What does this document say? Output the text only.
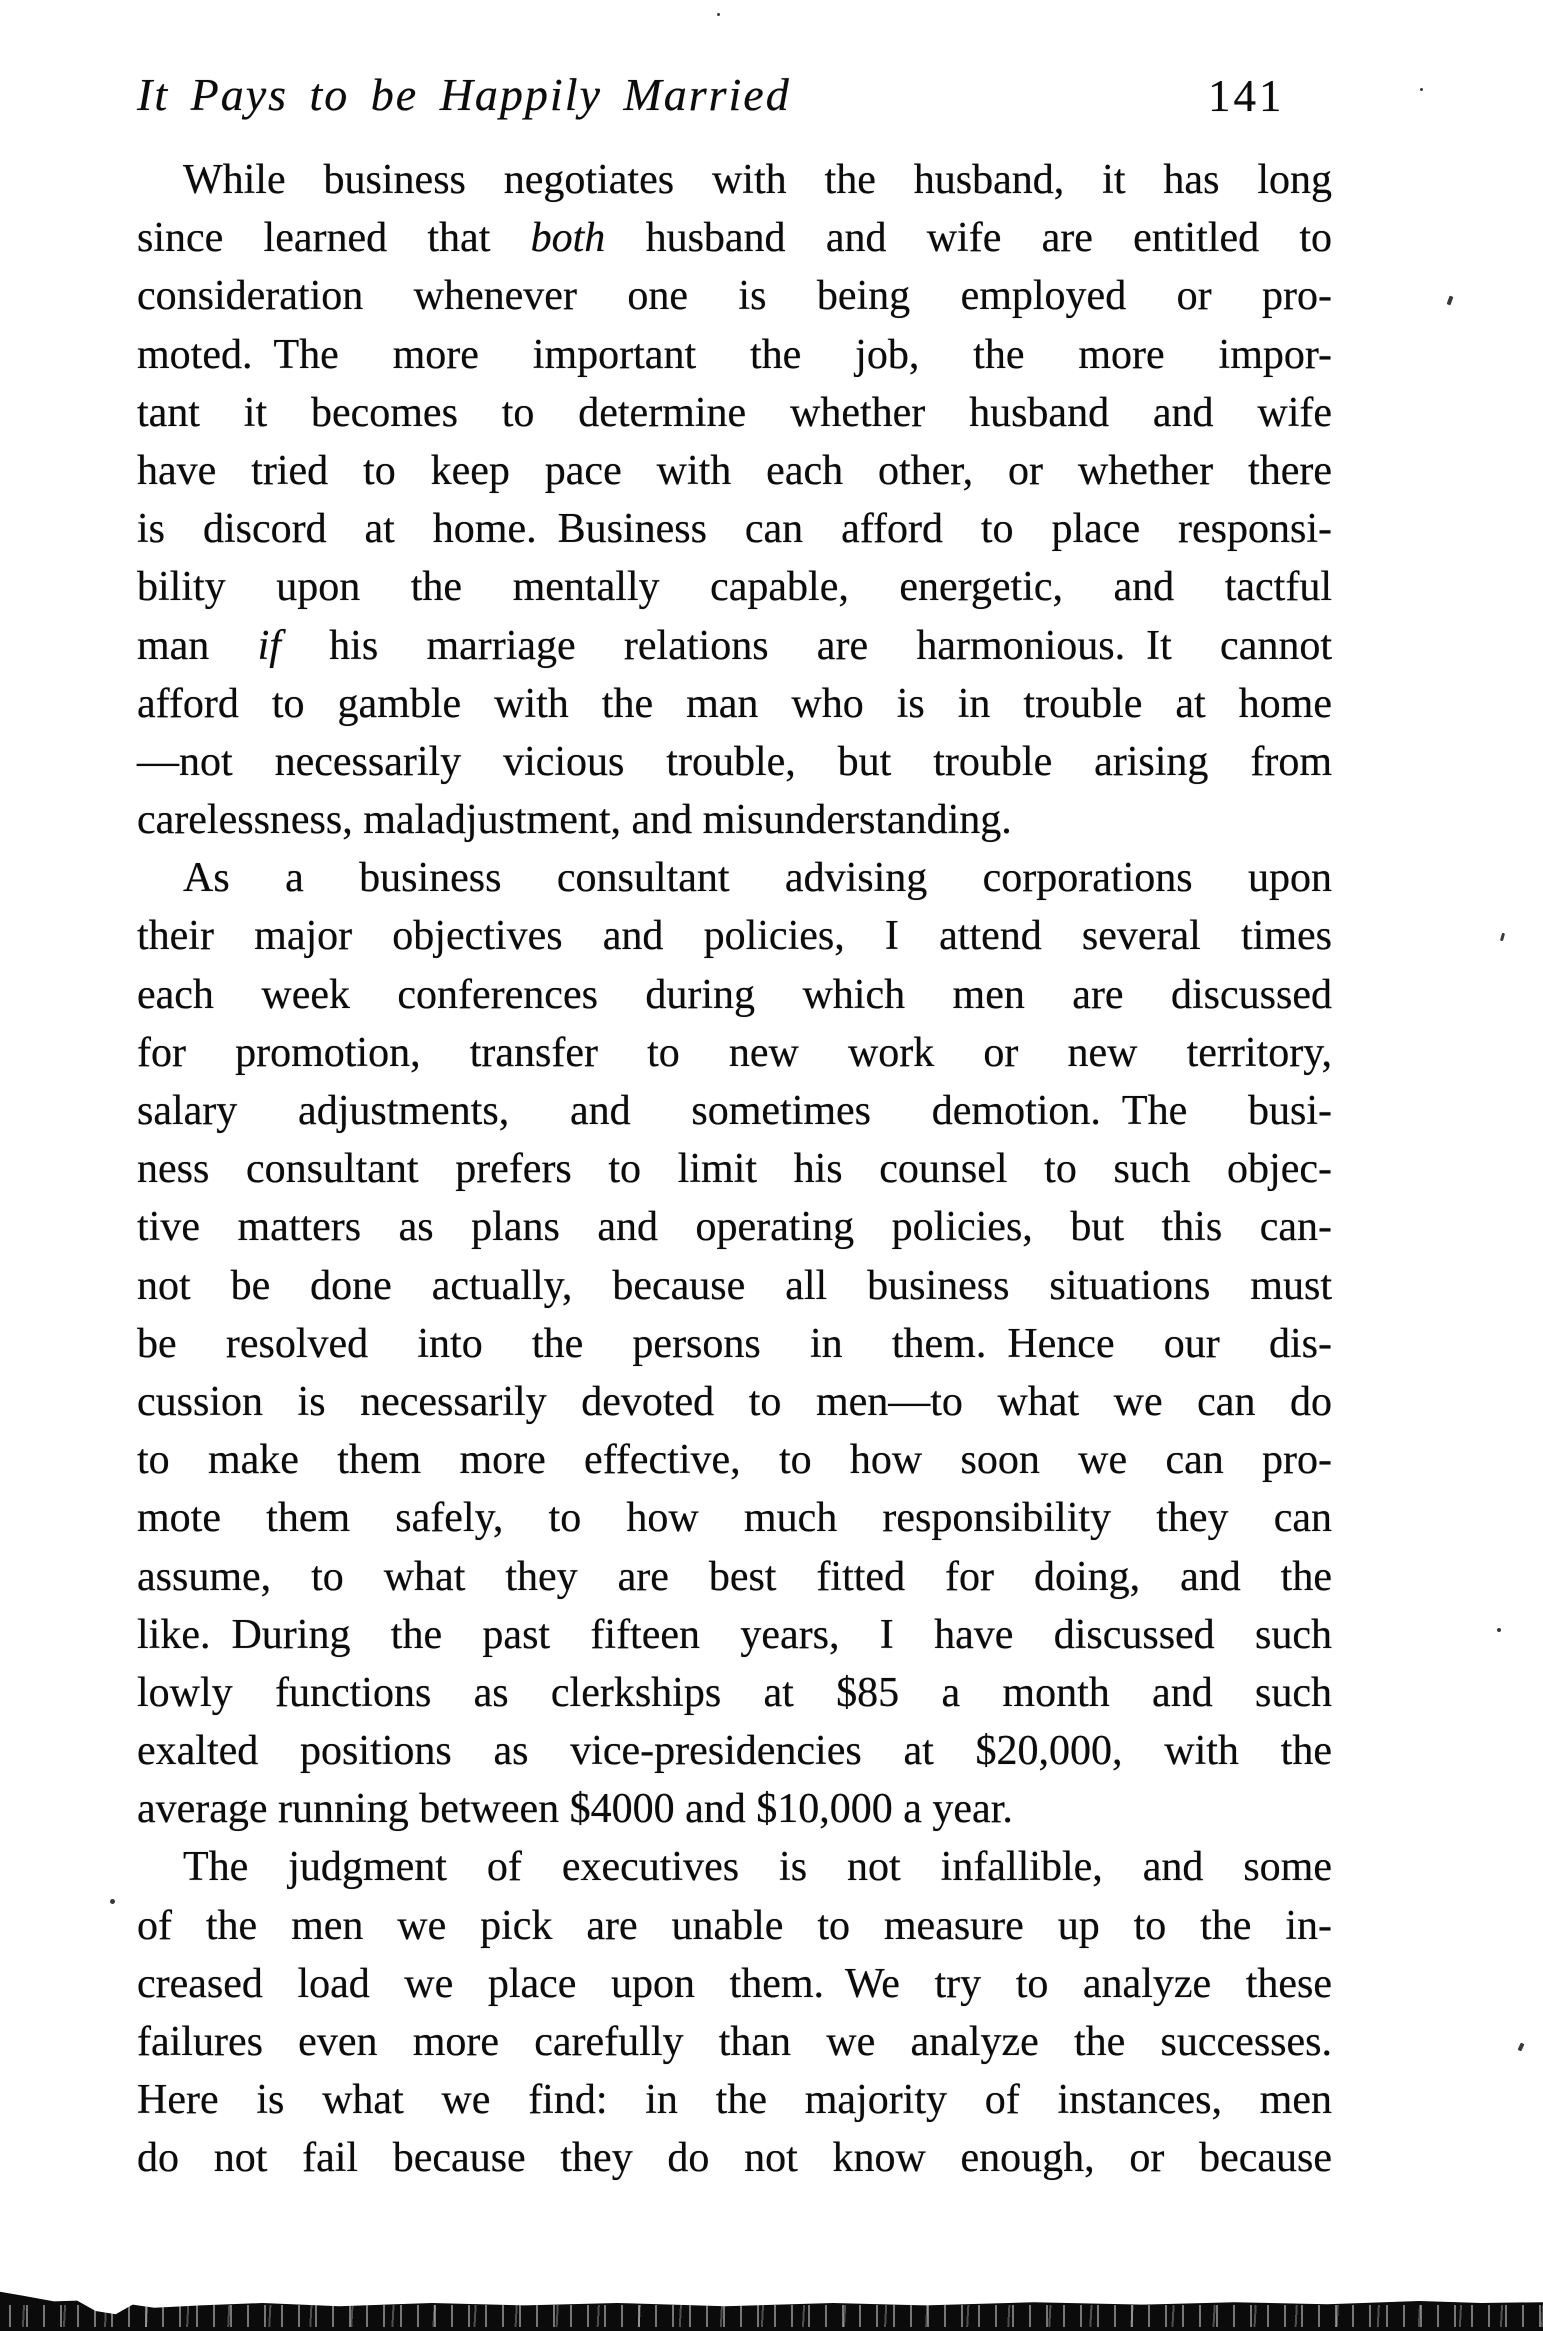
It Pays to be Happily Married	141
While business negotiates with the husband, it has long
since learned that both husband and wife are entitled to
consideration whenever one is being employed or pro-
moted. The more important the job, the more impor-
tant it becomes to determine whether husband and wife
have tried to keep pace with each other, or whether there
is discord at home. Business can afford to place responsi-
bility upon the mentally capable, energetic, and tactful
man if his marriage relations are harmonious. It cannot
afford to gamble with the man who is in trouble at home
—not necessarily vicious trouble, but trouble arising from
carelessness, maladjustment, and misunderstanding.
As a business consultant advising corporations upon
their major objectives and policies, I attend several times
each week conferences during which men are discussed
for promotion, transfer to new work or new territory,
salary adjustments, and sometimes demotion. The busi-
ness consultant prefers to limit his counsel to such objec-
tive matters as plans and operating policies, but this can-
not be done actually, because all business situations must
be resolved into the persons in them. Hence our dis-
cussion is necessarily devoted to men—to what we can do
to make them more effective, to how soon we can pro-
mote them safely, to how much responsibility they can
assume, to what they are best fitted for doing, and the
like. During the past fifteen years, I have discussed such
lowly functions as clerkships at $85 a month and such
exalted positions as vice-presidencies at $20,000, with the
average running between $4000 and $10,000 a year.
The judgment of executives is not infallible, and some
of the men we pick are unable to measure up to the in-
creased load we place upon them. We try to analyze these
failures even more carefully than we analyze the successes.
Here is what we find: in the majority of instances, men
do not fail because they do not know enough, or because
